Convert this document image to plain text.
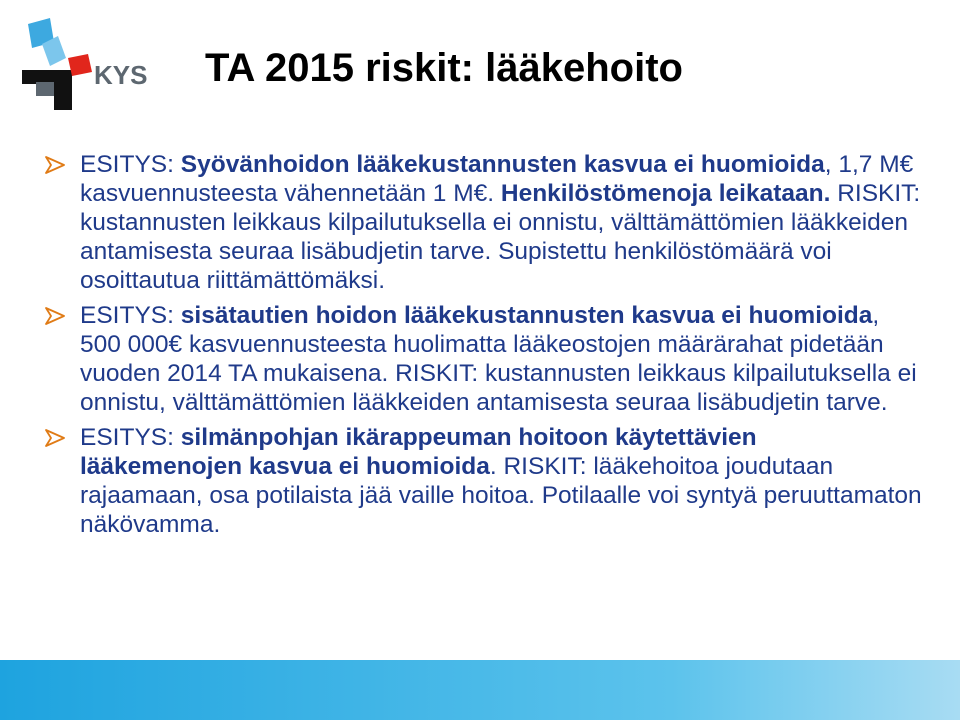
KYS TA 2015 riskit: lääkehoito
ESITYS: Syövänhoidon lääkekustannusten kasvua ei huomioida, 1,7 M€ kasvuennusteesta vähennetään 1 M€. Henkilöstömenoja leikataan. RISKIT: kustannusten leikkaus kilpailutuksella ei onnistu, välttämättömien lääkkeiden antamisesta seuraa lisäbudjetin tarve. Supistettu henkilöstömäärä voi osoittautua riittämättömäksi.
ESITYS: sisätautien hoidon lääkekustannusten kasvua ei huomioida, 500 000€ kasvuennusteesta huolimatta lääkeostojen määrärahat pidetään vuoden 2014 TA mukaisena. RISKIT: kustannusten leikkaus kilpailutuksella ei onnistu, välttämättömien lääkkeiden antamisesta seuraa lisäbudjetin tarve.
ESITYS: silmänpohjan ikärappeuman hoitoon käytettävien lääkemenojen kasvua ei huomioida. RISKIT: lääkehoitoa joudutaan rajaamaan, osa potilaista jää vaille hoitoa. Potilaalle voi syntyä peruuttamaton näkövamma.
